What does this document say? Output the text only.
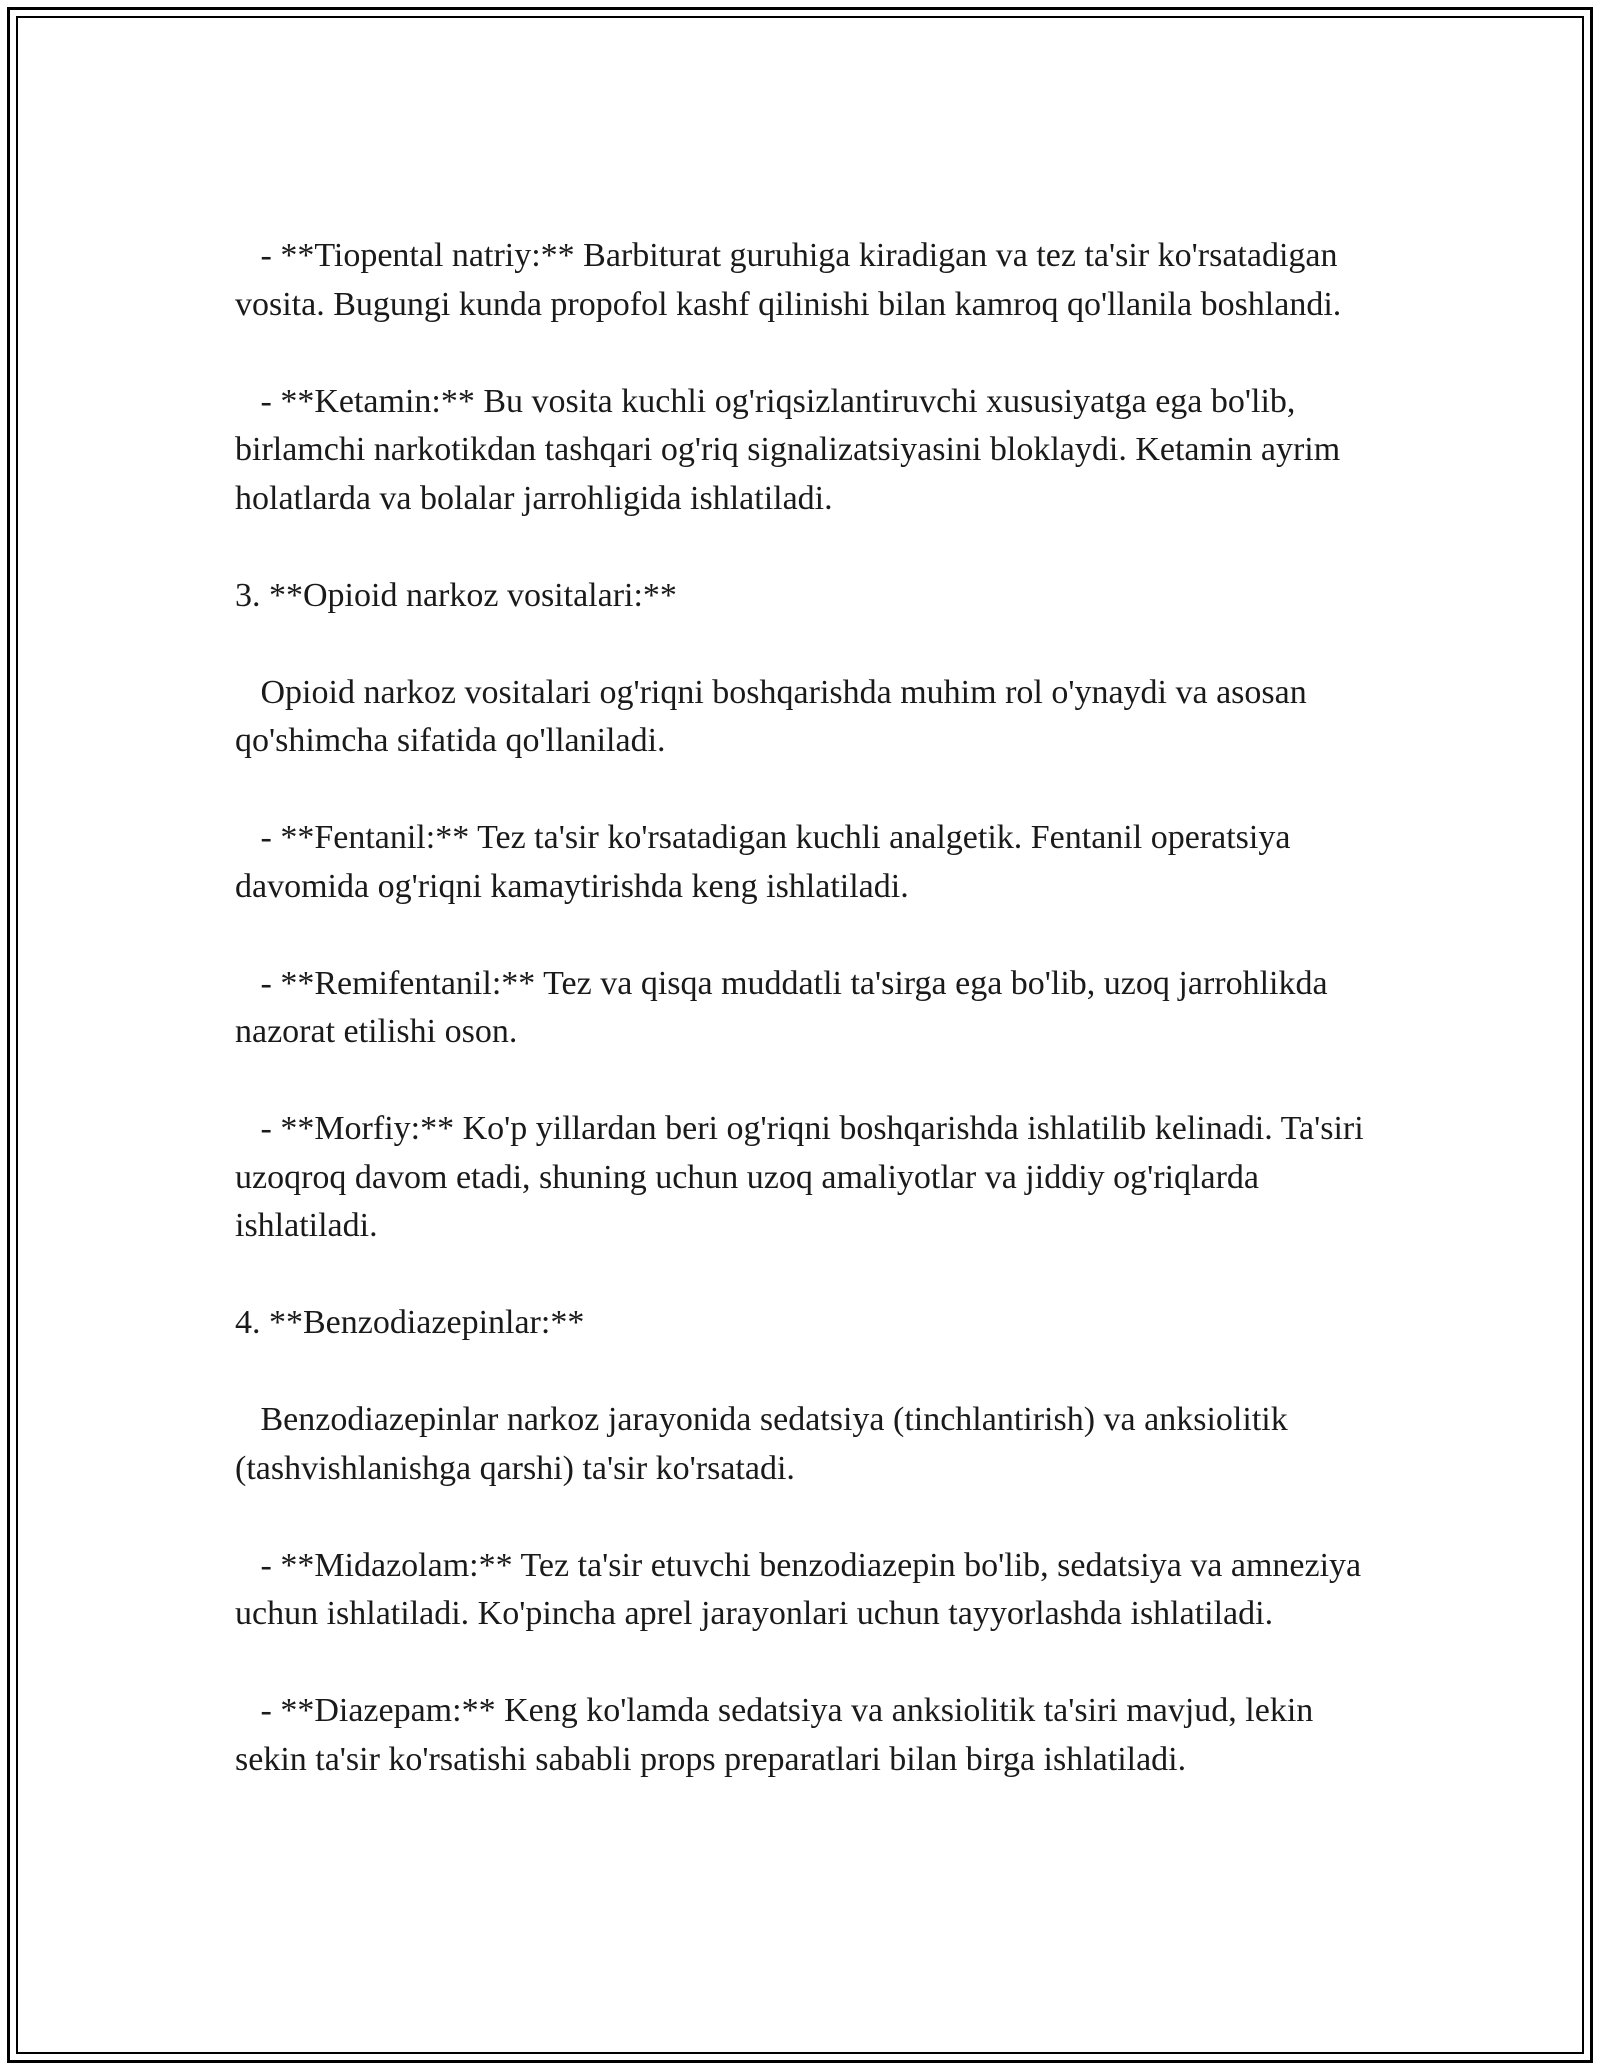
- **Tiopental natriy:** Barbiturat guruhiga kiradigan va tez ta'sir ko'rsatadigan vosita. Bugungi kunda propofol kashf qilinishi bilan kamroq qo'llanila boshlandi.

- **Ketamin:** Bu vosita kuchli og'riqsizlantiruvchi xususiyatga ega bo'lib, birlamchi narkotikdan tashqari og'riq signalizatsiyasini bloklaydi. Ketamin ayrim holatlarda va bolalar jarrohligida ishlatiladi.

3. **Opioid narkoz vositalari:**

Opioid narkoz vositalari og'riqni boshqarishda muhim rol o'ynaydi va asosan qo'shimcha sifatida qo'llaniladi.

- **Fentanil:** Tez ta'sir ko'rsatadigan kuchli analgetik. Fentanil operatsiya davomida og'riqni kamaytirishda keng ishlatiladi.

- **Remifentanil:** Tez va qisqa muddatli ta'sirga ega bo'lib, uzoq jarrohlikda nazorat etilishi oson.

- **Morfiy:** Ko'p yillardan beri og'riqni boshqarishda ishlatilib kelinadi. Ta'siri uzoqroq davom etadi, shuning uchun uzoq amaliyotlar va jiddiy og'riqlarda ishlatiladi.

4. **Benzodiazepinlar:**

Benzodiazepinlar narkoz jarayonida sedatsiya (tinchlantirish) va anksiolitik (tashvishlanishga qarshi) ta'sir ko'rsatadi.

- **Midazolam:** Tez ta'sir etuvchi benzodiazepin bo'lib, sedatsiya va amneziya uchun ishlatiladi. Ko'pincha aprel jarayonlari uchun tayyorlashda ishlatiladi.

- **Diazepam:** Keng ko'lamda sedatsiya va anksiolitik ta'siri mavjud, lekin sekin ta'sir ko'rsatishi sababli props preparatlari bilan birga ishlatiladi.
